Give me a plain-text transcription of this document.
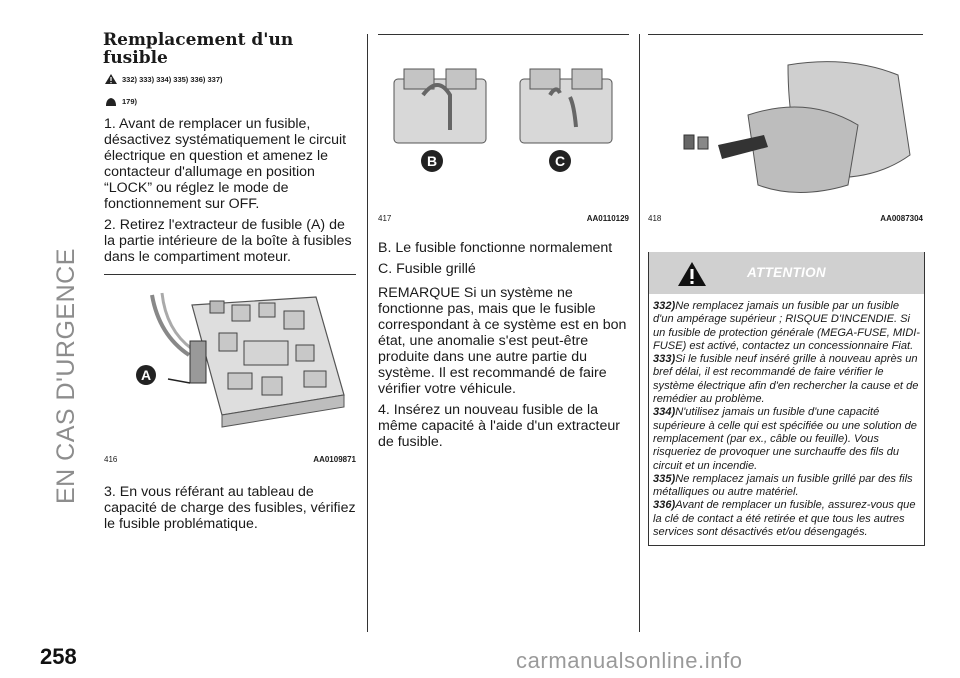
EN CAS D'URGENCE
Remplacement d'un
fusible
332) 333) 334) 335) 336) 337)
179)

1. Avant de remplacer un fusible, désactivez systématiquement le circuit électrique en question et amenez le contacteur d'allumage en position “LOCK” ou réglez le mode de fonctionnement sur OFF.

2. Retirez l'extracteur de fusible (A) de la partie intérieure de la boîte à fusibles dans le compartiment moteur.

A
416	AA0109871

3. En vous référant au tableau de capacité de charge des fusibles, vérifiez le fusible problématique.

B	C
417	AA0110129

B. Le fusible fonctionne normalement

C. Fusible grillé

REMARQUE Si un système ne fonctionne pas, mais que le fusible correspondant à ce système est en bon état, une anomalie s'est peut-être produite dans une autre partie du système. Il est recommandé de faire vérifier votre véhicule.

4. Insérez un nouveau fusible de la même capacité à l'aide d'un extracteur de fusible.

418	AA0087304
ATTENTION

332)Ne remplacez jamais un fusible par un fusible d'un ampérage supérieur ; RISQUE D'INCENDIE. Si un fusible de protection générale (MEGA-FUSE, MIDI-FUSE) est activé, contactez un concessionnaire Fiat.

333)Si le fusible neuf inséré grille à nouveau après un bref délai, il est recommandé de faire vérifier le système électrique afin d'en rechercher la cause et de remédier au problème.

334)N'utilisez jamais un fusible d'une capacité supérieure à celle qui est spécifiée ou une solution de remplacement (par ex., câble ou feuille). Vous risqueriez de provoquer une surchauffe des fils du circuit et un incendie.

335)Ne remplacez jamais un fusible grillé par des fils métalliques ou autre matériel.

336)Avant de remplacer un fusible, assurez-vous que la clé de contact a été retirée et que tous les autres services sont désactivés et/ou désengagés.

258	carmanualsonline.info
